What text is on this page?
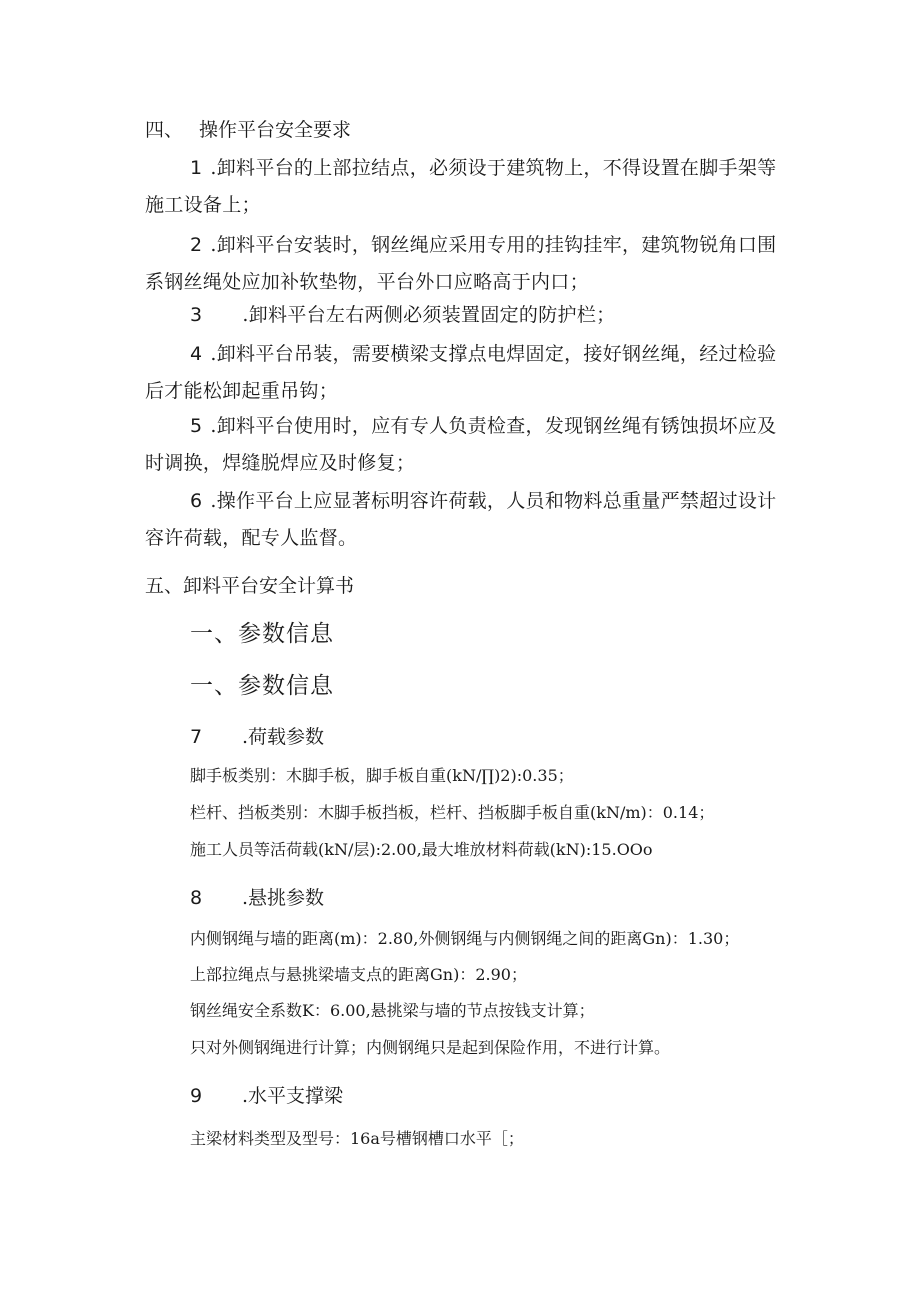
四、 操作平台安全要求
1 .卸料平台的上部拉结点，必须设于建筑物上，不得设置在脚手架等施工设备上；
2 .卸料平台安装时，钢丝绳应采用专用的挂钩挂牢，建筑物锐角口围系钢丝绳处应加补软垫物，平台外口应略高于内口；
3 .卸料平台左右两侧必须装置固定的防护栏；
4 .卸料平台吊装，需要横梁支撑点电焊固定，接好钢丝绳，经过检验后才能松卸起重吊钩；
5 .卸料平台使用时，应有专人负责检查，发现钢丝绳有锈蚀损坏应及时调换，焊缝脱焊应及时修复；
6 .操作平台上应显著标明容许荷载，人员和物料总重量严禁超过设计容许荷载，配专人监督。
五、卸料平台安全计算书
一、参数信息
一、参数信息
7 .荷载参数
脚手板类别：木脚手板，脚手板自重(kN/∏)2):0.35；
栏杆、挡板类别：木脚手板挡板，栏杆、挡板脚手板自重(kN/m)：0.14；
施工人员等活荷载(kN/层):2.00,最大堆放材料荷载(kN):15.OOo
8 .悬挑参数
内侧钢绳与墙的距离(m)：2.80,外侧钢绳与内侧钢绳之间的距离Gn)：1.30；
上部拉绳点与悬挑梁墙支点的距离Gn)：2.90；
钢丝绳安全系数K：6.00,悬挑梁与墙的节点按钱支计算；
只对外侧钢绳进行计算；内侧钢绳只是起到保险作用，不进行计算。
9 .水平支撑梁
主梁材料类型及型号：16a号槽钢槽口水平［；
